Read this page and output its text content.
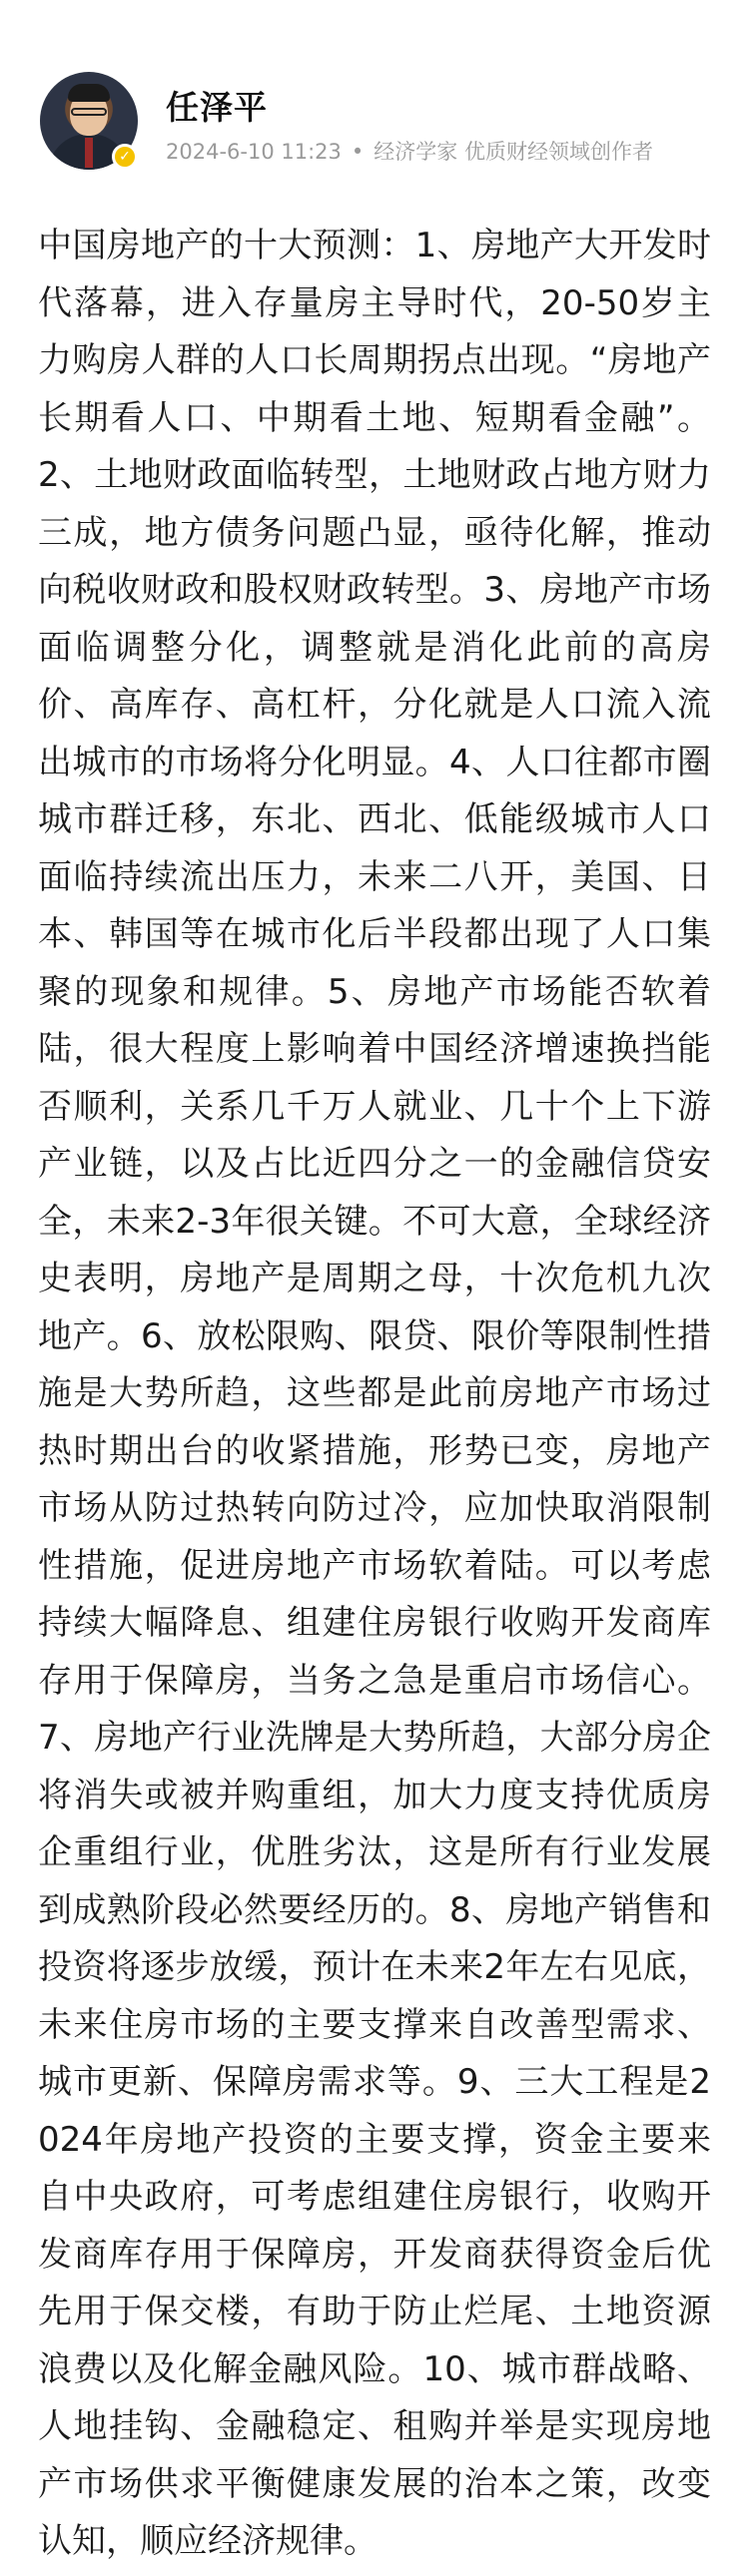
✓
任泽平
2024-6-10 11:23 • 经济学家 优质财经领域创作者

中国房地产的十大预测：1、房地产大开发时代落幕，进入存量房主导时代，20-50岁主力购房人群的人口长周期拐点出现。“房地产长期看人口、中期看土地、短期看金融”。2、土地财政面临转型，土地财政占地方财力三成，地方债务问题凸显，亟待化解，推动向税收财政和股权财政转型。3、房地产市场面临调整分化，调整就是消化此前的高房价、高库存、高杠杆，分化就是人口流入流出城市的市场将分化明显。4、人口往都市圈城市群迁移，东北、西北、低能级城市人口面临持续流出压力，未来二八开，美国、日本、韩国等在城市化后半段都出现了人口集聚的现象和规律。5、房地产市场能否软着陆，很大程度上影响着中国经济增速换挡能否顺利，关系几千万人就业、几十个上下游产业链，以及占比近四分之一的金融信贷安全，未来2-3年很关键。不可大意，全球经济史表明，房地产是周期之母，十次危机九次地产。6、放松限购、限贷、限价等限制性措施是大势所趋，这些都是此前房地产市场过热时期出台的收紧措施，形势已变，房地产市场从防过热转向防过冷，应加快取消限制性措施，促进房地产市场软着陆。可以考虑持续大幅降息、组建住房银行收购开发商库存用于保障房，当务之急是重启市场信心。7、房地产行业洗牌是大势所趋，大部分房企将消失或被并购重组，加大力度支持优质房企重组行业，优胜劣汰，这是所有行业发展到成熟阶段必然要经历的。8、房地产销售和投资将逐步放缓，预计在未来2年左右见底，未来住房市场的主要支撑来自改善型需求、城市更新、保障房需求等。9、三大工程是2024年房地产投资的主要支撑，资金主要来自中央政府，可考虑组建住房银行，收购开发商库存用于保障房，开发商获得资金后优先用于保交楼，有助于防止烂尾、土地资源浪费以及化解金融风险。10、城市群战略、人地挂钩、金融稳定、租购并举是实现房地产市场供求平衡健康发展的治本之策，改变认知，顺应经济规律。
